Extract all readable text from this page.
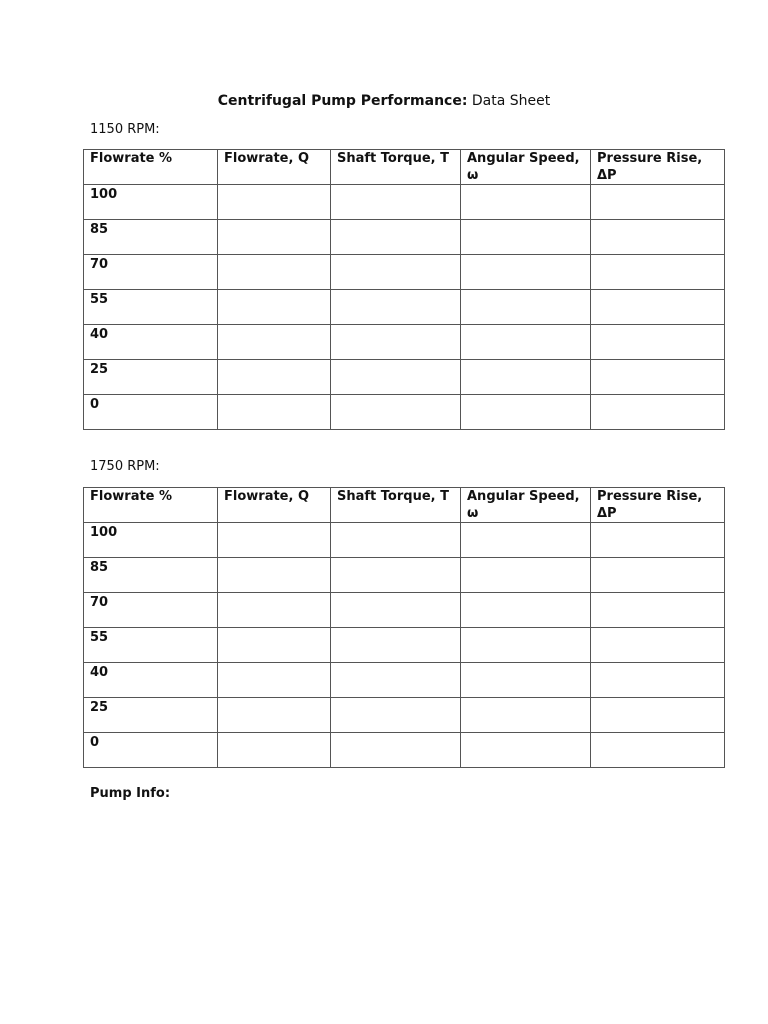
Centrifugal Pump Performance: Data Sheet
1150 RPM:
Flowrate %	Flowrate, Q	Shaft Torque, T	Angular Speed, ω	Pressure Rise, ΔP
100				
85				
70				
55				
40				
25				
0				
1750 RPM:
Flowrate %	Flowrate, Q	Shaft Torque, T	Angular Speed, ω	Pressure Rise, ΔP
100				
85				
70				
55				
40				
25				
0				
Pump Info:
